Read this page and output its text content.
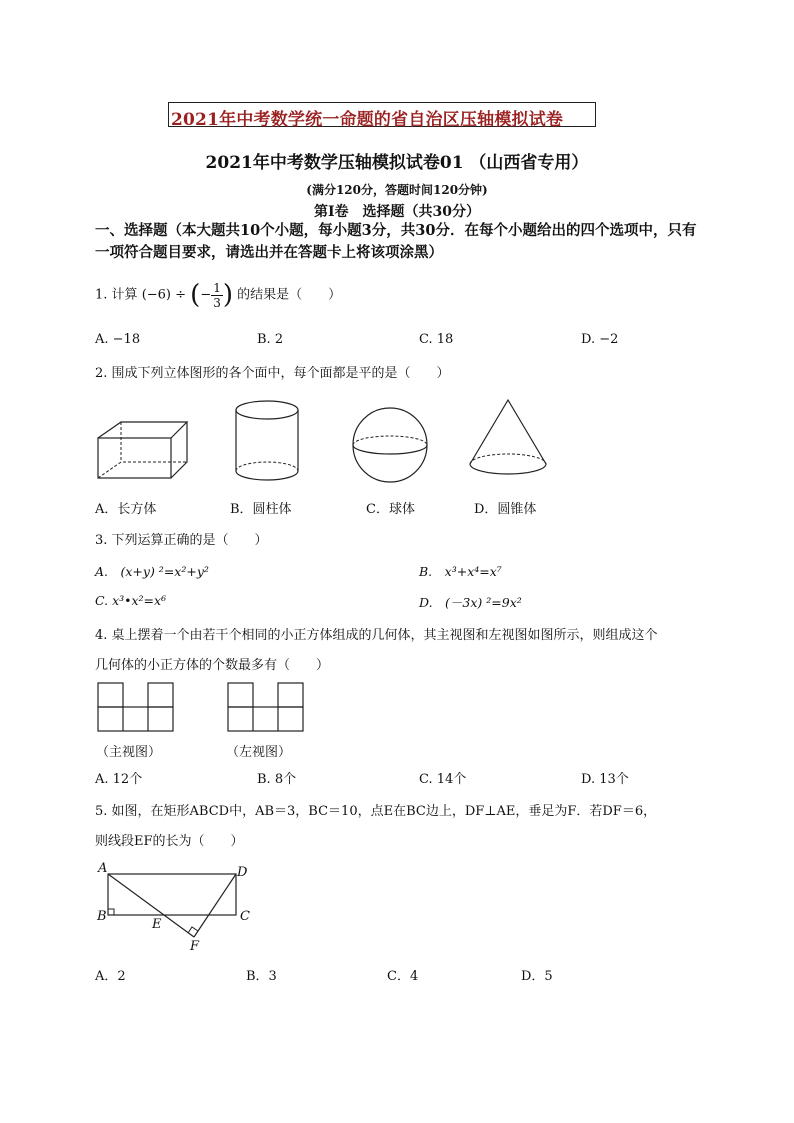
2021年中考数学统一命题的省自治区压轴模拟试卷
2021年中考数学压轴模拟试卷01 （山西省专用）
(满分120分，答题时间120分钟)
第Ⅰ卷　选择题（共30分）
一、选择题（本大题共10个小题，每小题3分，共30分．在每个小题给出的四个选项中，只有一项符合题目要求，请选出并在答题卡上将该项涂黑）
1. 计算 (−6) ÷ (− $\frac{1}{3}$ ) 的结果是（　　）
A. −18	B. 2	C. 18	D. −2
2. 围成下列立体图形的各个面中，每个面都是平的是（　　）
A．长方体	B．圆柱体	C．球体	D．圆锥体
3. 下列运算正确的是（　　）
A.　(x+y) ²=x²+y²	B.　x³+x⁴=x⁷
C. x³•x²=x⁶	D.　(－3x) ²=9x²
4. 桌上摆着一个由若干个相同的小正方体组成的几何体，其主视图和左视图如图所示，则组成这个
几何体的小正方体的个数最多有（　　）
（主视图）	（左视图）
A. 12个	B. 8个	C. 14个	D. 13个
5. 如图，在矩形ABCD中，AB＝3，BC＝10，点E在BC边上，DF⊥AE，垂足为F．若DF＝6，
则线段EF的长为（　　）
A	D
B	C
E
F
A．2	B．3	C．4	D．5
